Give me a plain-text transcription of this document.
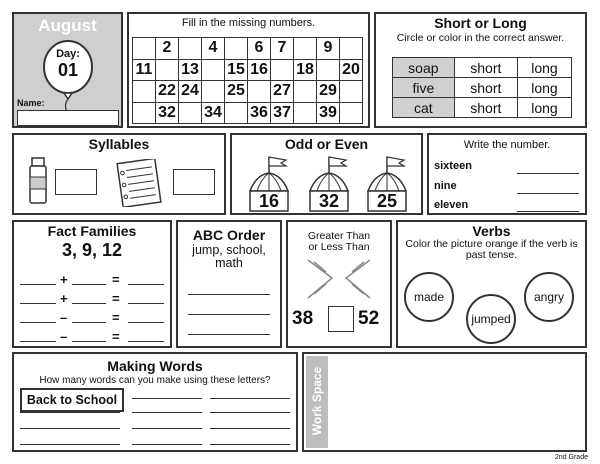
August
Day:
01
Name:
Fill in the missing numbers.
	2		4		6	7		9	
11		13		15	16		18		20
	22	24		25		27		29	
	32		34		36	37		39	
Short or Long
Circle or color in the correct answer.
soap	short	long
five	short	long
cat	short	long
Syllables	Odd or Even
16	32	25
Write the number.
sixteen
nine
eleven
Fact Families
3, 9, 12
+	=
+	=
–	=
–	=
ABC Order
jump, school, math
Greater Than
or Less Than
38 52
Verbs
Color the picture orange if the verb is past tense.
made
jumped
angry
Making Words
How many words can you make using these letters?
Back to School	Work Space
2nd Grade
